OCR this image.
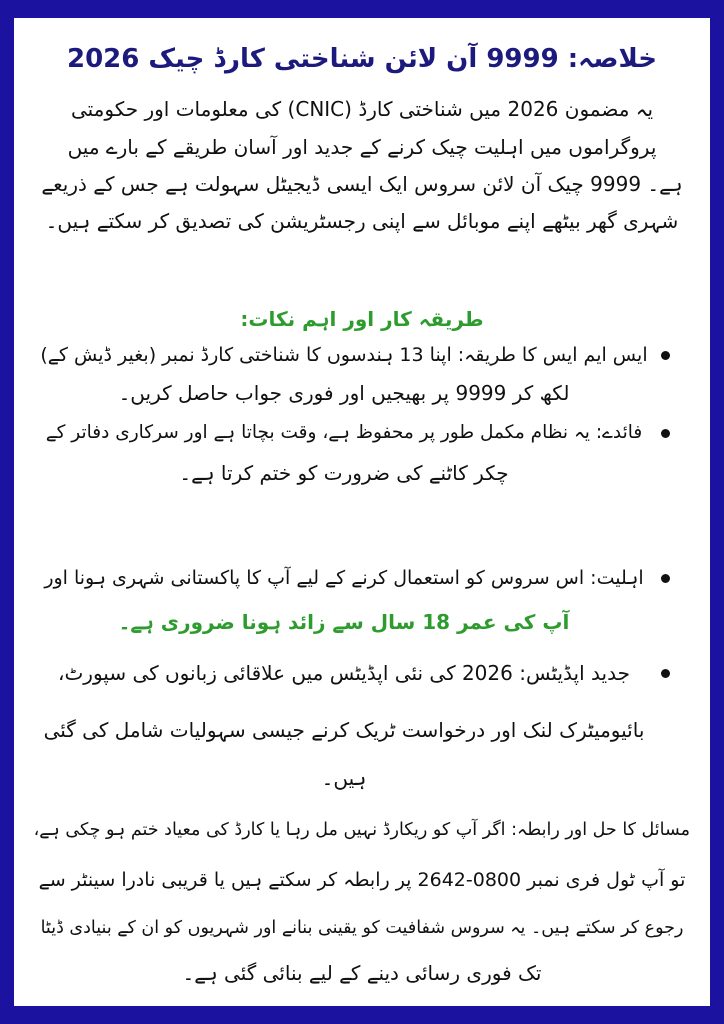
خلاصہ: 9999 آن لائن شناختی کارڈ چیک 2026
یہ مضمون 2026 میں شناختی کارڈ (CNIC) کی معلومات اور حکومتی
پروگراموں میں اہلیت چیک کرنے کے جدید اور آسان طریقے کے بارے میں
ہے۔ 9999 چیک آن لائن سروس ایک ایسی ڈیجیٹل سہولت ہے جس کے ذریعے
شہری گھر بیٹھے اپنے موبائل سے اپنی رجسٹریشن کی تصدیق کر سکتے ہیں۔
طریقہ کار اور اہم نکات:
ایس ایم ایس کا طریقہ: اپنا 13 ہندسوں کا شناختی کارڈ نمبر (بغیر ڈیش کے)
لکھ کر 9999 پر بھیجیں اور فوری جواب حاصل کریں۔
فائدے: یہ نظام مکمل طور پر محفوظ ہے، وقت بچاتا ہے اور سرکاری دفاتر کے
چکر کاٹنے کی ضرورت کو ختم کرتا ہے۔
اہلیت: اس سروس کو استعمال کرنے کے لیے آپ کا پاکستانی شہری ہونا اور
آپ کی عمر 18 سال سے زائد ہونا ضروری ہے۔
جدید اپڈیٹس: 2026 کی نئی اپڈیٹس میں علاقائی زبانوں کی سپورٹ،
بائیومیٹرک لنک اور درخواست ٹریک کرنے جیسی سہولیات شامل کی گئی
ہیں۔
مسائل کا حل اور رابطہ: اگر آپ کو ریکارڈ نہیں مل رہا یا کارڈ کی معیاد ختم ہو چکی ہے،
تو آپ ٹول فری نمبر 0800-2642 پر رابطہ کر سکتے ہیں یا قریبی نادرا سینٹر سے
رجوع کر سکتے ہیں۔ یہ سروس شفافیت کو یقینی بنانے اور شہریوں کو ان کے بنیادی ڈیٹا
تک فوری رسائی دینے کے لیے بنائی گئی ہے۔
